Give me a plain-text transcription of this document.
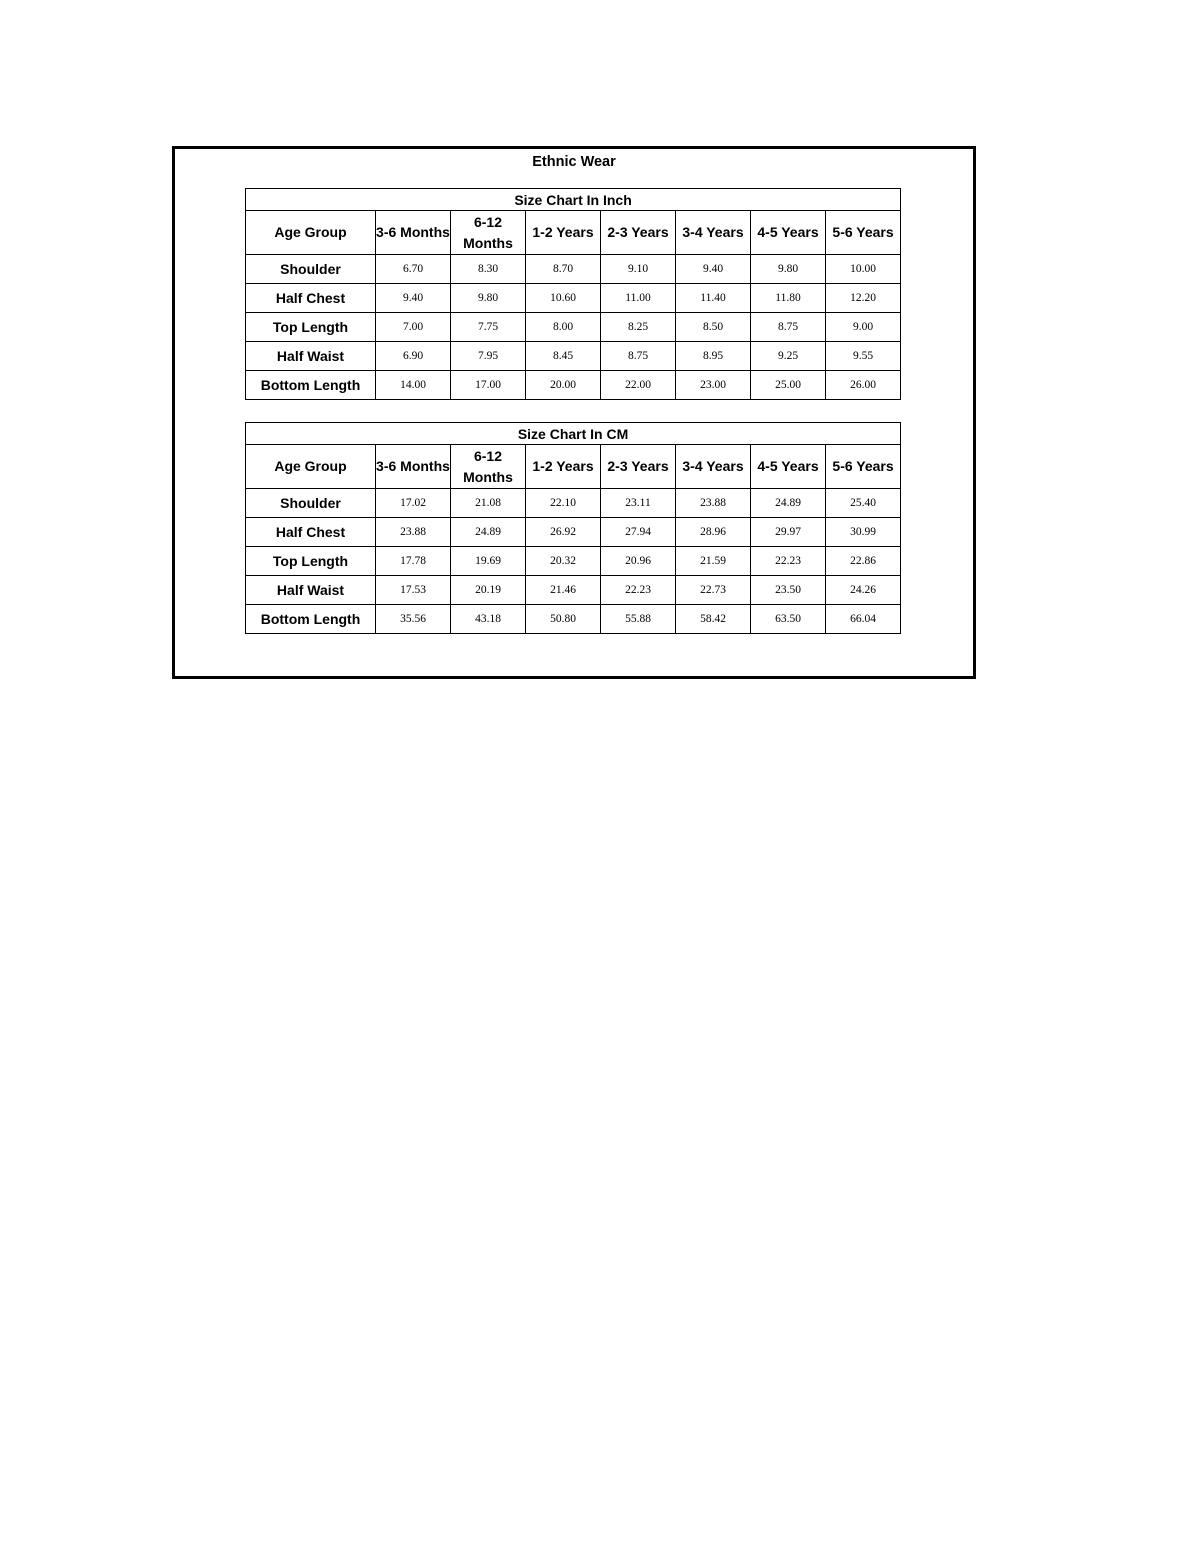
Ethnic Wear
Size Chart In Inch							
Age Group	3-6 Months	6-12 Months	1-2 Years	2-3 Years	3-4 Years	4-5 Years	5-6 Years

Shoulder	6.70	8.30	8.70	9.10	9.40	9.80	10.00
Half Chest	9.40	9.80	10.60	11.00	11.40	11.80	12.20
Top Length	7.00	7.75	8.00	8.25	8.50	8.75	9.00
Half Waist	6.90	7.95	8.45	8.75	8.95	9.25	9.55
Bottom Length	14.00	17.00	20.00	22.00	23.00	25.00	26.00
Size Chart In CM							
Age Group	3-6 Months	6-12 Months	1-2 Years	2-3 Years	3-4 Years	4-5 Years	5-6 Years

Shoulder	17.02	21.08	22.10	23.11	23.88	24.89	25.40
Half Chest	23.88	24.89	26.92	27.94	28.96	29.97	30.99
Top Length	17.78	19.69	20.32	20.96	21.59	22.23	22.86
Half Waist	17.53	20.19	21.46	22.23	22.73	23.50	24.26
Bottom Length	35.56	43.18	50.80	55.88	58.42	63.50	66.04
